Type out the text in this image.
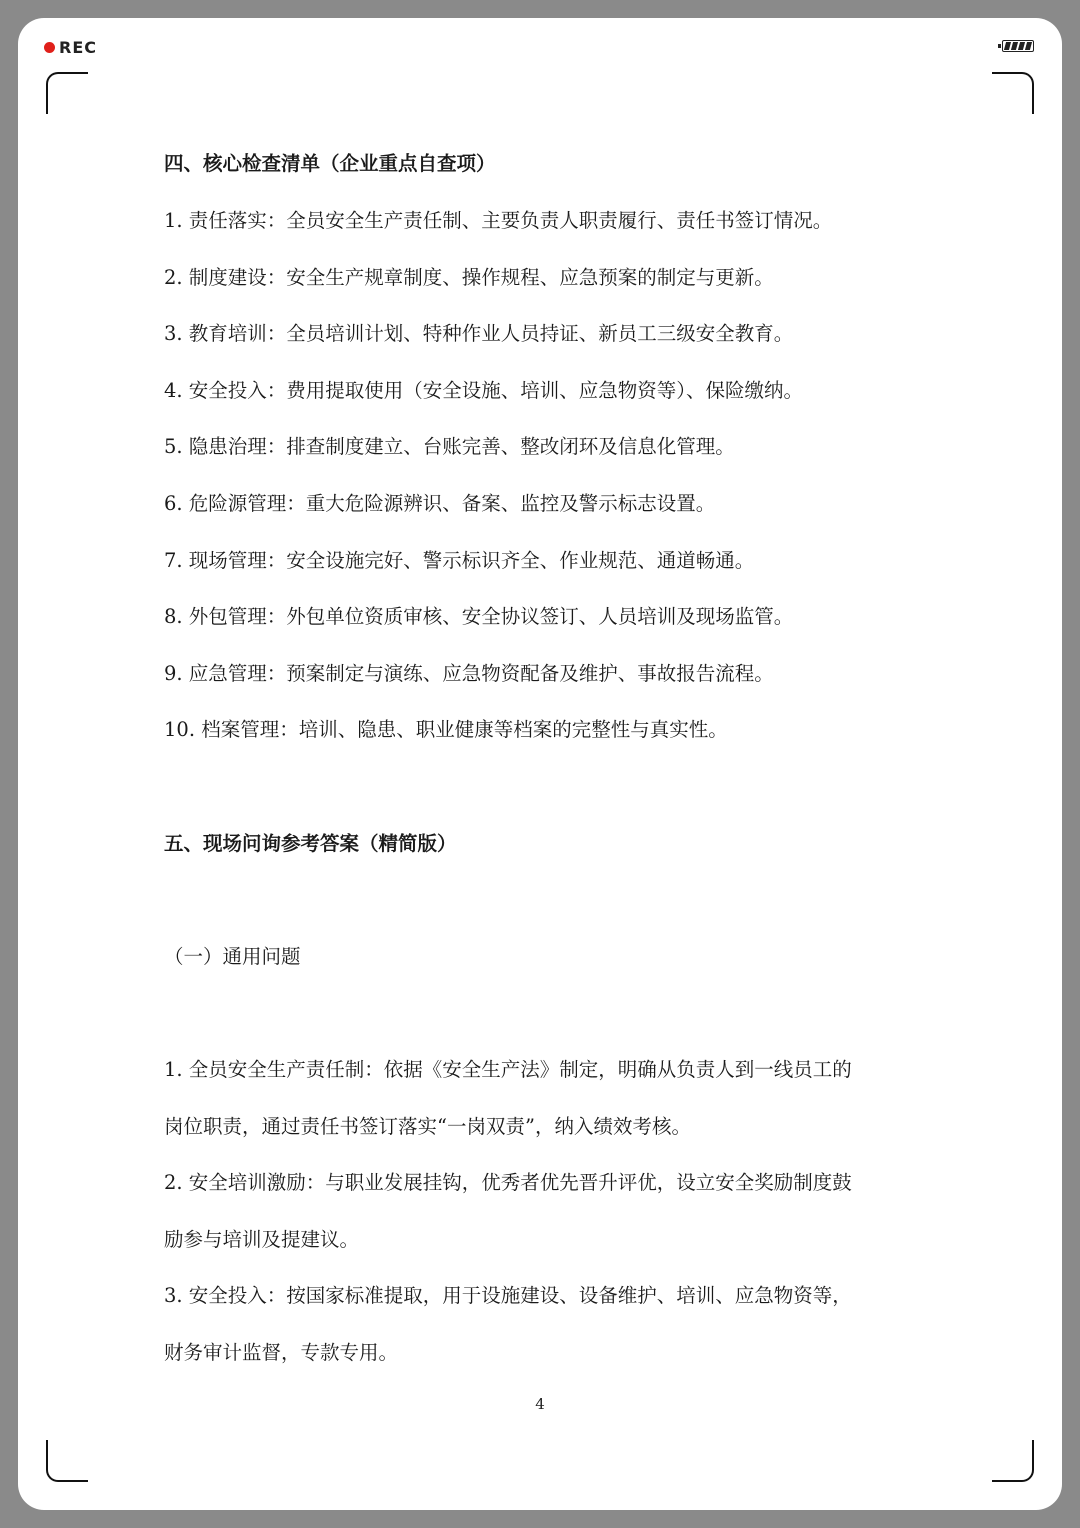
REC
四、核心检查清单（企业重点自查项）
1. 责任落实：全员安全生产责任制、主要负责人职责履行、责任书签订情况。
2. 制度建设：安全生产规章制度、操作规程、应急预案的制定与更新。
3. 教育培训：全员培训计划、特种作业人员持证、新员工三级安全教育。
4. 安全投入：费用提取使用（安全设施、培训、应急物资等）、保险缴纳。
5. 隐患治理：排查制度建立、台账完善、整改闭环及信息化管理。
6. 危险源管理：重大危险源辨识、备案、监控及警示标志设置。
7. 现场管理：安全设施完好、警示标识齐全、作业规范、通道畅通。
8. 外包管理：外包单位资质审核、安全协议签订、人员培训及现场监管。
9. 应急管理：预案制定与演练、应急物资配备及维护、事故报告流程。
10. 档案管理：培训、隐患、职业健康等档案的完整性与真实性。
五、现场问询参考答案（精简版）
（一）通用问题
1. 全员安全生产责任制：依据《安全生产法》制定，明确从负责人到一线员工的
岗位职责，通过责任书签订落实“一岗双责”，纳入绩效考核。
2. 安全培训激励：与职业发展挂钩，优秀者优先晋升评优，设立安全奖励制度鼓
励参与培训及提建议。
3. 安全投入：按国家标准提取，用于设施建设、设备维护、培训、应急物资等，
财务审计监督，专款专用。
4
